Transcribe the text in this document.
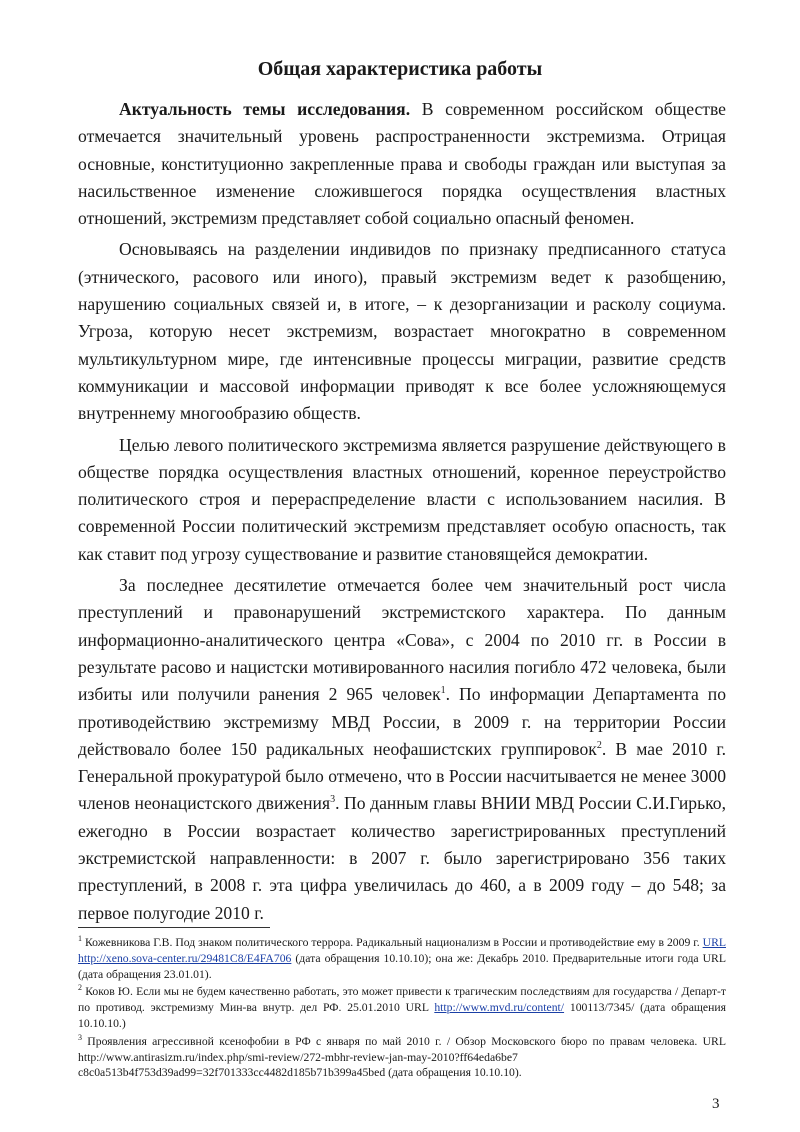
Общая характеристика работы

Актуальность темы исследования. В современном российском обществе отмечается значительный уровень распространенности экстремизма. Отрицая основные, конституционно закрепленные права и свободы граждан или выступая за насильственное изменение сложившегося порядка осуществления властных отношений, экстремизм представляет собой социально опасный феномен.

Основываясь на разделении индивидов по признаку предписанного статуса (этнического, расового или иного), правый экстремизм ведет к разобщению, нарушению социальных связей и, в итоге, – к дезорганизации и расколу социума. Угроза, которую несет экстремизм, возрастает многократно в современном мультикультурном мире, где интенсивные процессы миграции, развитие средств коммуникации и массовой информации приводят к все более усложняющемуся внутреннему многообразию обществ.

Целью левого политического экстремизма является разрушение действующего в обществе порядка осуществления властных отношений, коренное переустройство политического строя и перераспределение власти с использованием насилия. В современной России политический экстремизм представляет особую опасность, так как ставит под угрозу существование и развитие становящейся демократии.

За последнее десятилетие отмечается более чем значительный рост числа преступлений и правонарушений экстремистского характера. По данным информационно-аналитического центра «Сова», с 2004 по 2010 гг. в России в результате расово и нацистски мотивированного насилия погибло 472 человека, были избиты или получили ранения 2 965 человек$^1$. По информации Департамента по противодействию экстремизму МВД России, в 2009 г. на территории России действовало более 150 радикальных неофашистских группировок$^2$. В мае 2010 г. Генеральной прокуратурой было отмечено, что в России насчитывается не менее 3000 членов неонацистского движения$^3$. По данным главы ВНИИ МВД России С.И.Гирько, ежегодно в России возрастает количество зарегистрированных преступлений экстремистской направленности: в 2007 г. было зарегистрировано 356 таких преступлений, в 2008 г. эта цифра увеличилась до 460, а в 2009 году – до 548; за первое полугодие 2010 г.

$^1$ Кожевникова Г.В. Под знаком политического террора. Радикальный национализм в России и противодействие ему в 2009 г. URL http://xeno.sova-center.ru/29481C8/E4FA706 (дата обращения 10.10.10); она же: Декабрь 2010. Предварительные итоги года URL (дата обращения 23.01.01).

$^2$ Коков Ю. Если мы не будем качественно работать, это может привести к трагическим последствиям для государства / Департ-т по противод. экстремизму Мин-ва внутр. дел РФ. 25.01.2010 URL http://www.mvd.ru/content/ 100113/7345/ (дата обращения 10.10.10.)

$^3$ Проявления агрессивной ксенофобии в РФ с января по май 2010 г. / Обзор Московского бюро по правам человека. URL http://www.antirasizm.ru/index.php/smi-review/272-mbhr-review-jan-may-2010?ff64eda6be7 c8c0a513b4f753d39ad99=32f701333cc4482d185b71b399a45bed (дата обращения 10.10.10).

3
